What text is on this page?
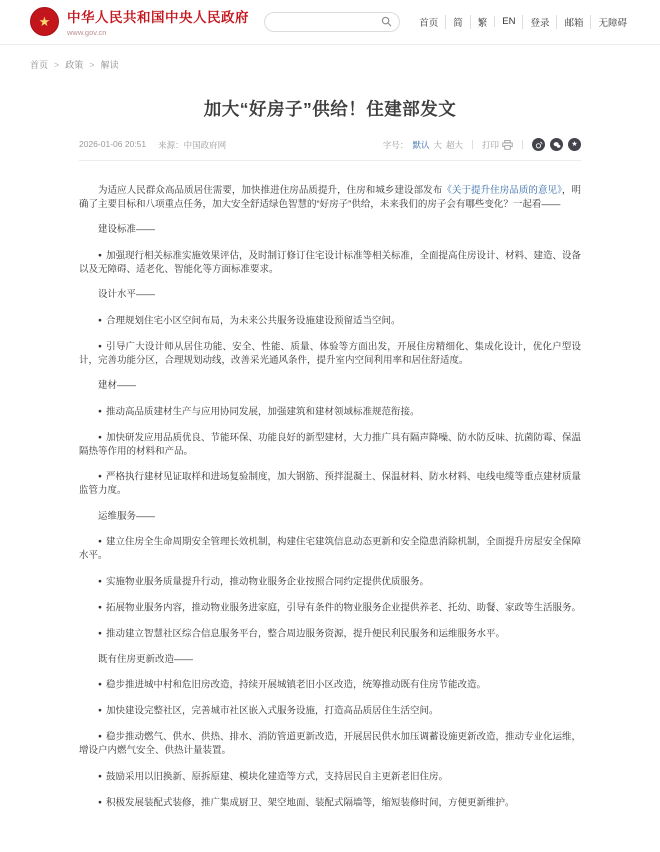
★	中华人民共和国中央人民政府
www.gov.cn
首页	简	繁	EN	登录	邮箱	无障碍
首页 > 政策 > 解读
加大“好房子”供给！住建部发文
2026-01-06 20:51 来源：中国政府网	字号： 默认 大 超大 打印	★

为适应人民群众高品质居住需要，加快推进住房品质提升，住房和城乡建设部发布《关于提升住房品质的意见》，明确了主要目标和八项重点任务，加大安全舒适绿色智慧的“好房子”供给，未来我们的房子会有哪些变化？一起看——

建设标准——

● 加强现行相关标准实施效果评估，及时制订修订住宅设计标准等相关标准，全面提高住房设计、材料、建造、设备以及无障碍、适老化、智能化等方面标准要求。

设计水平——

● 合理规划住宅小区空间布局，为未来公共服务设施建设预留适当空间。

● 引导广大设计师从居住功能、安全、性能、质量、体验等方面出发，开展住房精细化、集成化设计，优化户型设计，完善功能分区，合理规划动线，改善采光通风条件，提升室内空间利用率和居住舒适度。

建材——

● 推动高品质建材生产与应用协同发展，加强建筑和建材领域标准规范衔接。

● 加快研发应用品质优良、节能环保、功能良好的新型建材，大力推广具有隔声降噪、防水防反味、抗菌防霉、保温隔热等作用的材料和产品。

● 严格执行建材见证取样和进场复验制度，加大钢筋、预拌混凝土、保温材料、防水材料、电线电缆等重点建材质量监管力度。

运维服务——

● 建立住房全生命周期安全管理长效机制，构建住宅建筑信息动态更新和安全隐患消除机制，全面提升房屋安全保障水平。

● 实施物业服务质量提升行动，推动物业服务企业按照合同约定提供优质服务。

● 拓展物业服务内容，推动物业服务进家庭，引导有条件的物业服务企业提供养老、托幼、助餐、家政等生活服务。

● 推动建立智慧社区综合信息服务平台，整合周边服务资源，提升便民利民服务和运维服务水平。

既有住房更新改造——

● 稳步推进城中村和危旧房改造，持续开展城镇老旧小区改造，统筹推动既有住房节能改造。

● 加快建设完整社区，完善城市社区嵌入式服务设施，打造高品质居住生活空间。

● 稳步推动燃气、供水、供热、排水、消防管道更新改造，开展居民供水加压调蓄设施更新改造，推动专业化运维，增设户内燃气安全、供热计量装置。

● 鼓励采用以旧换新、原拆原建、模块化建造等方式，支持居民自主更新老旧住房。

● 积极发展装配式装修，推广集成厨卫、架空地面、装配式隔墙等，缩短装修时间，方便更新维护。
